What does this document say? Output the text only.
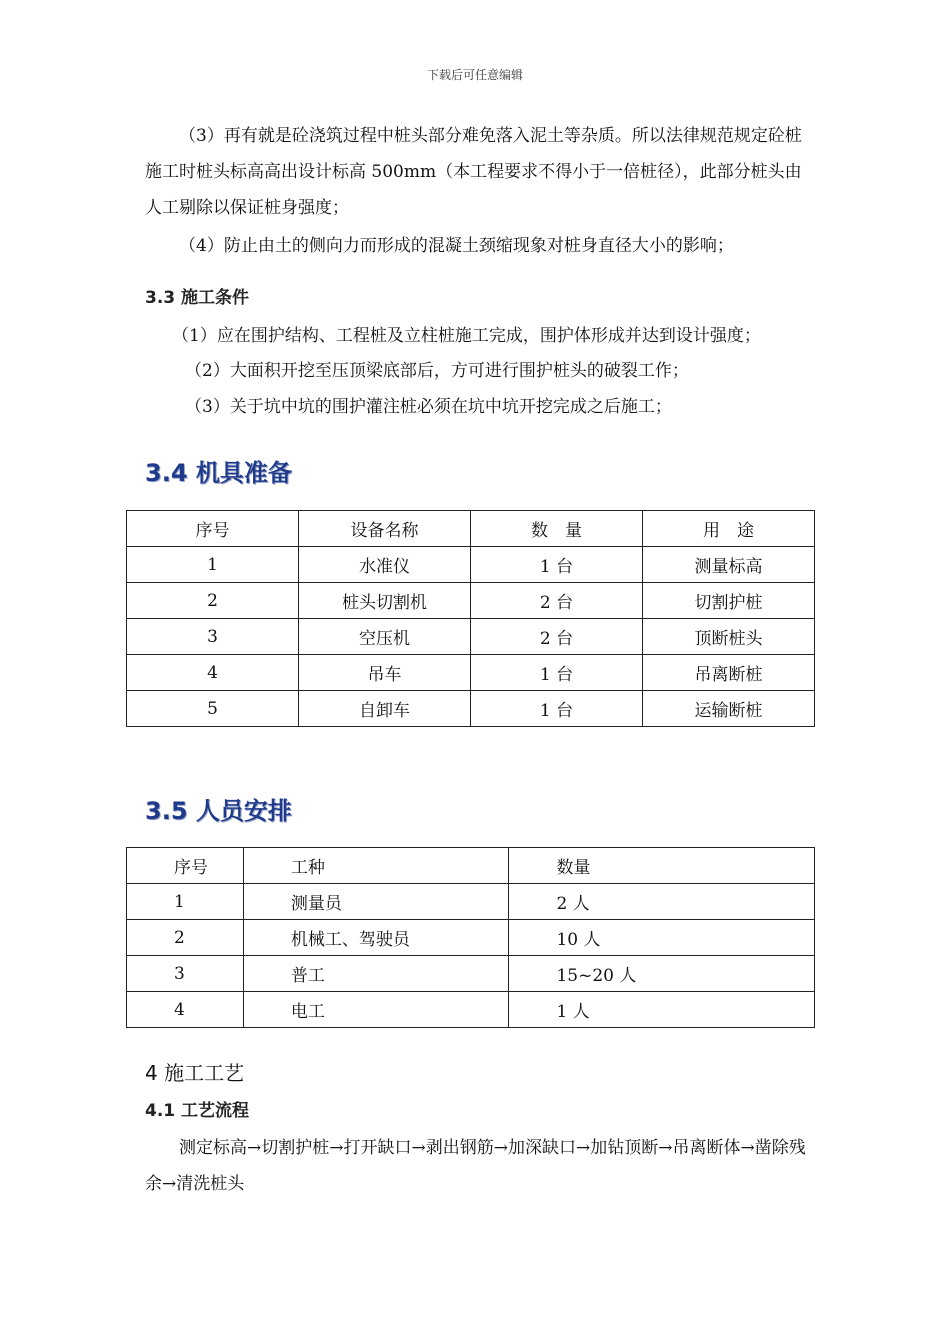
下载后可任意编辑

（3）再有就是砼浇筑过程中桩头部分难免落入泥土等杂质。所以法律规范规定砼桩施工时桩头标高高出设计标高 500mm（本工程要求不得小于一倍桩径），此部分桩头由人工剔除以保证桩身强度；

（4）防止由土的侧向力而形成的混凝土颈缩现象对桩身直径大小的影响；

3.3 施工条件

（1）应在围护结构、工程桩及立柱桩施工完成，围护体形成并达到设计强度；

（2）大面积开挖至压顶梁底部后，方可进行围护桩头的破裂工作；

（3）关于坑中坑的围护灌注桩必须在坑中坑开挖完成之后施工；

3.4 机具准备
序号	设备名称	数　量	用　途
1	水准仪	1 台	测量标高
2	桩头切割机	2 台	切割护桩
3	空压机	2 台	顶断桩头
4	吊车	1 台	吊离断桩
5	自卸车	1 台	运输断桩
3.5 人员安排
序号	工种	数量
1	测量员	2 人
2	机械工、驾驶员	10 人
3	普工	15~20 人
4	电工	1 人
4 施工工艺
4.1 工艺流程

测定标高→切割护桩→打开缺口→剥出钢筋→加深缺口→加钻顶断→吊离断体→凿除残余→清洗桩头
